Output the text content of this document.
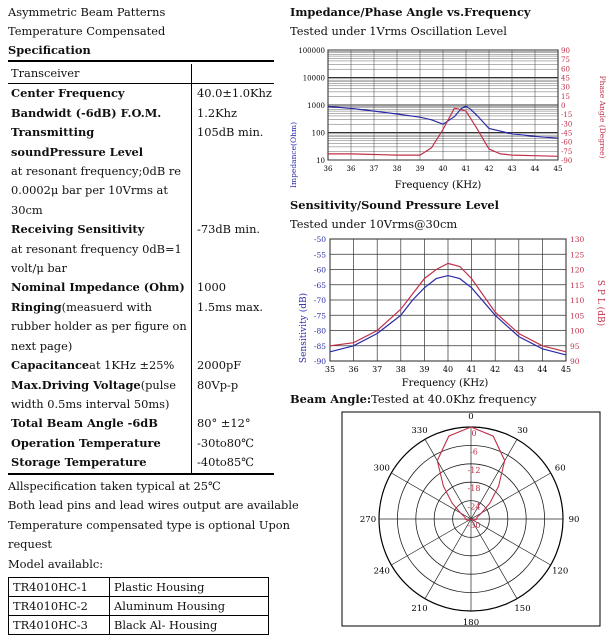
Asymmetric Beam Patterns
Temperature Compensated
Specification
Transceiver	
Center Frequency	40.0±1.0Khz
Bandwidt (-6dB) F.O.M.	1.2Khz
Transmitting soundPressure Level
at resonant frequency;0dB re 0.0002μ bar per 10Vrms at 30cm	105dB min.
Receiving Sensitivity
at resonant frequency 0dB=1 volt/μ bar	-73dB min.
Nominal Impedance (Ohm)	1000
Ringing(measuerd with rubber holder as per figure on next page)	1.5ms max.
Capacitanceat 1KHz ±25%	2000pF
Max.Driving Voltage(pulse width 0.5ms interval 50ms)	80Vp-p
Total Beam Angle -6dB	80° ±12°
Operation Temperature	-30to80℃
Storage Temperature	-40to85℃
Allspecification taken typical at 25℃
Both lead pins and lead wires output are available
Temperature compensated type is optional Upon request
Model availablc:
TR4010HC-1	Plastic Housing
TR4010HC-2	Aluminum Housing
TR4010HC-3	Black Al- Housing
Impedance/Phase Angle vs.Frequency
Tested under 1Vrms Oscillation Level
Sensitivity/Sound Pressure Level
Tested under 10Vrms@30cm
Beam Angle:Tested at 40.0Khz frequency
Impedance(Ohm)	Phase Angle (Degree)
Frequency (KHz)
100000
10000
1000
100
10
90
75
60
45
30
15
0
-15
-30
-45
-60
-75
-90
36 36 37 38 39 40 41 42 43 44 45
Sensitivity (dB)	S P L (dB)
Frequency (KHz)
-50
-55
-60
-65
-70
-75
-80
-85
-90
130
125
120
115
110
105
100
95
90
35 36 37 38 39 40 41 42 43 44 45
0
30
60
90
120
150
180
210
240
270
300
330	0
-6
-12
-18
-24
-30
